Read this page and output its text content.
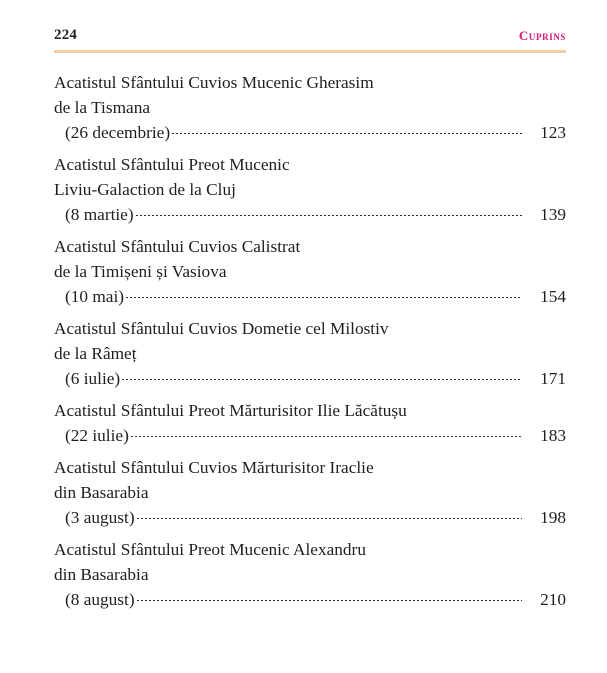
224	Cuprins
Acatistul Sfântului Cuvios Mucenic Gherasim
de la Tismana
(26 decembrie)	123
Acatistul Sfântului Preot Mucenic
Liviu-Galaction de la Cluj
(8 martie)	139
Acatistul Sfântului Cuvios Calistrat
de la Timișeni și Vasiova
(10 mai)	154
Acatistul Sfântului Cuvios Dometie cel Milostiv
de la Râmeț
(6 iulie)	171
Acatistul Sfântului Preot Mărturisitor Ilie Lăcătușu
(22 iulie)	183
Acatistul Sfântului Cuvios Mărturisitor Iraclie
din Basarabia
(3 august)	198
Acatistul Sfântului Preot Mucenic Alexandru
din Basarabia
(8 august)	210
